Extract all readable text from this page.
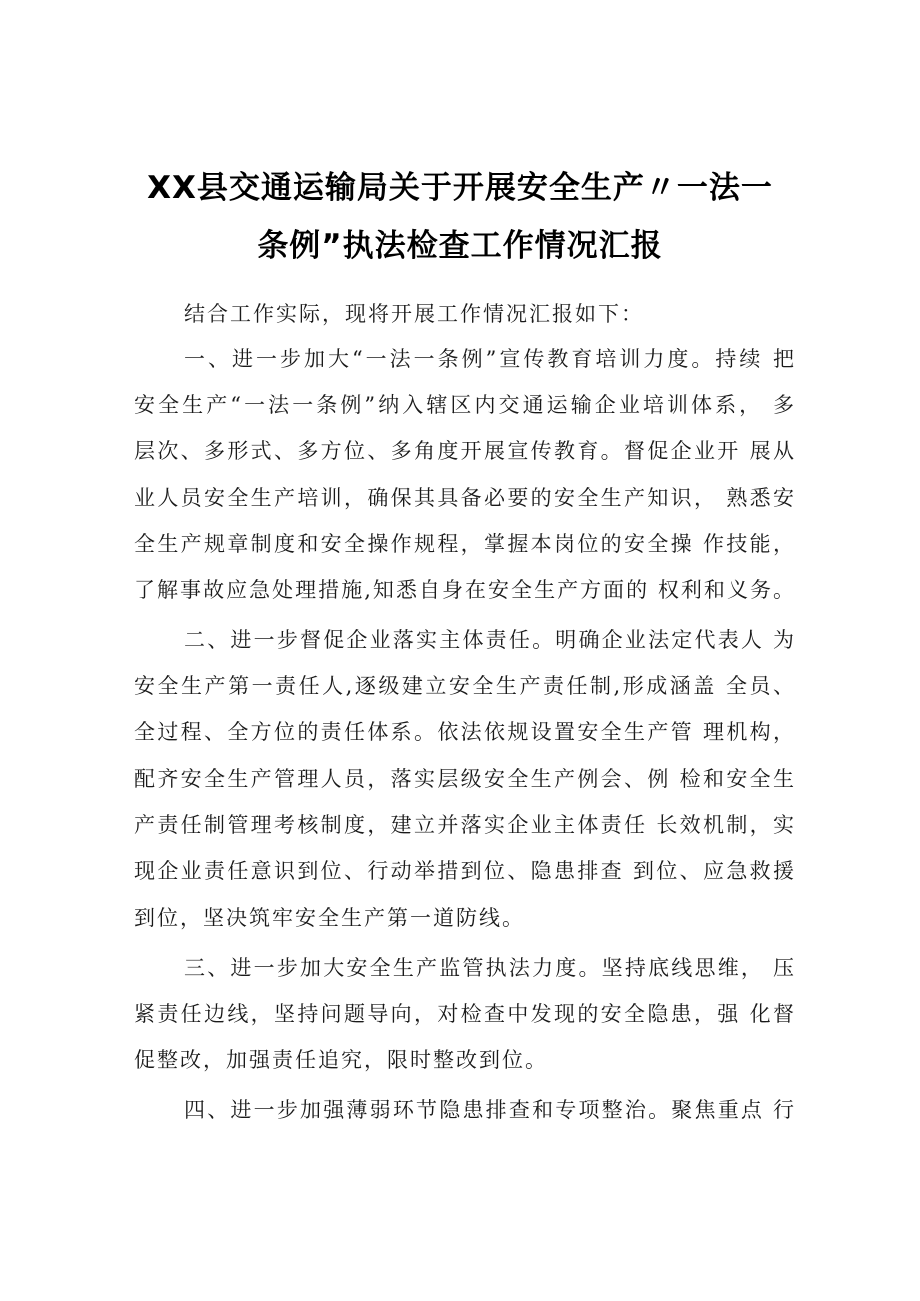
XX县交通运输局关于开展安全生产〃一法一
条例”执法检查工作情况汇报
结合工作实际，现将开展工作情况汇报如下：
一、进一步加大“一法一条例”宣传教育培训力度。持续 把
安全生产“一法一条例”纳入辖区内交通运输企业培训体系， 多
层次、多形式、多方位、多角度开展宣传教育。督促企业开 展从
业人员安全生产培训，确保其具备必要的安全生产知识， 熟悉安
全生产规章制度和安全操作规程，掌握本岗位的安全操 作技能，
了解事故应急处理措施,知悉自身在安全生产方面的 权利和义务。
二、进一步督促企业落实主体责任。明确企业法定代表人 为
安全生产第一责任人,逐级建立安全生产责任制,形成涵盖 全员、
全过程、全方位的责任体系。依法依规设置安全生产管 理机构，
配齐安全生产管理人员，落实层级安全生产例会、例 检和安全生
产责任制管理考核制度，建立并落实企业主体责任 长效机制，实
现企业责任意识到位、行动举措到位、隐患排查 到位、应急救援
到位，坚决筑牢安全生产第一道防线。
三、进一步加大安全生产监管执法力度。坚持底线思维， 压
紧责任边线，坚持问题导向，对检查中发现的安全隐患，强 化督
促整改，加强责任追究，限时整改到位。
四、进一步加强薄弱环节隐患排查和专项整治。聚焦重点 行
